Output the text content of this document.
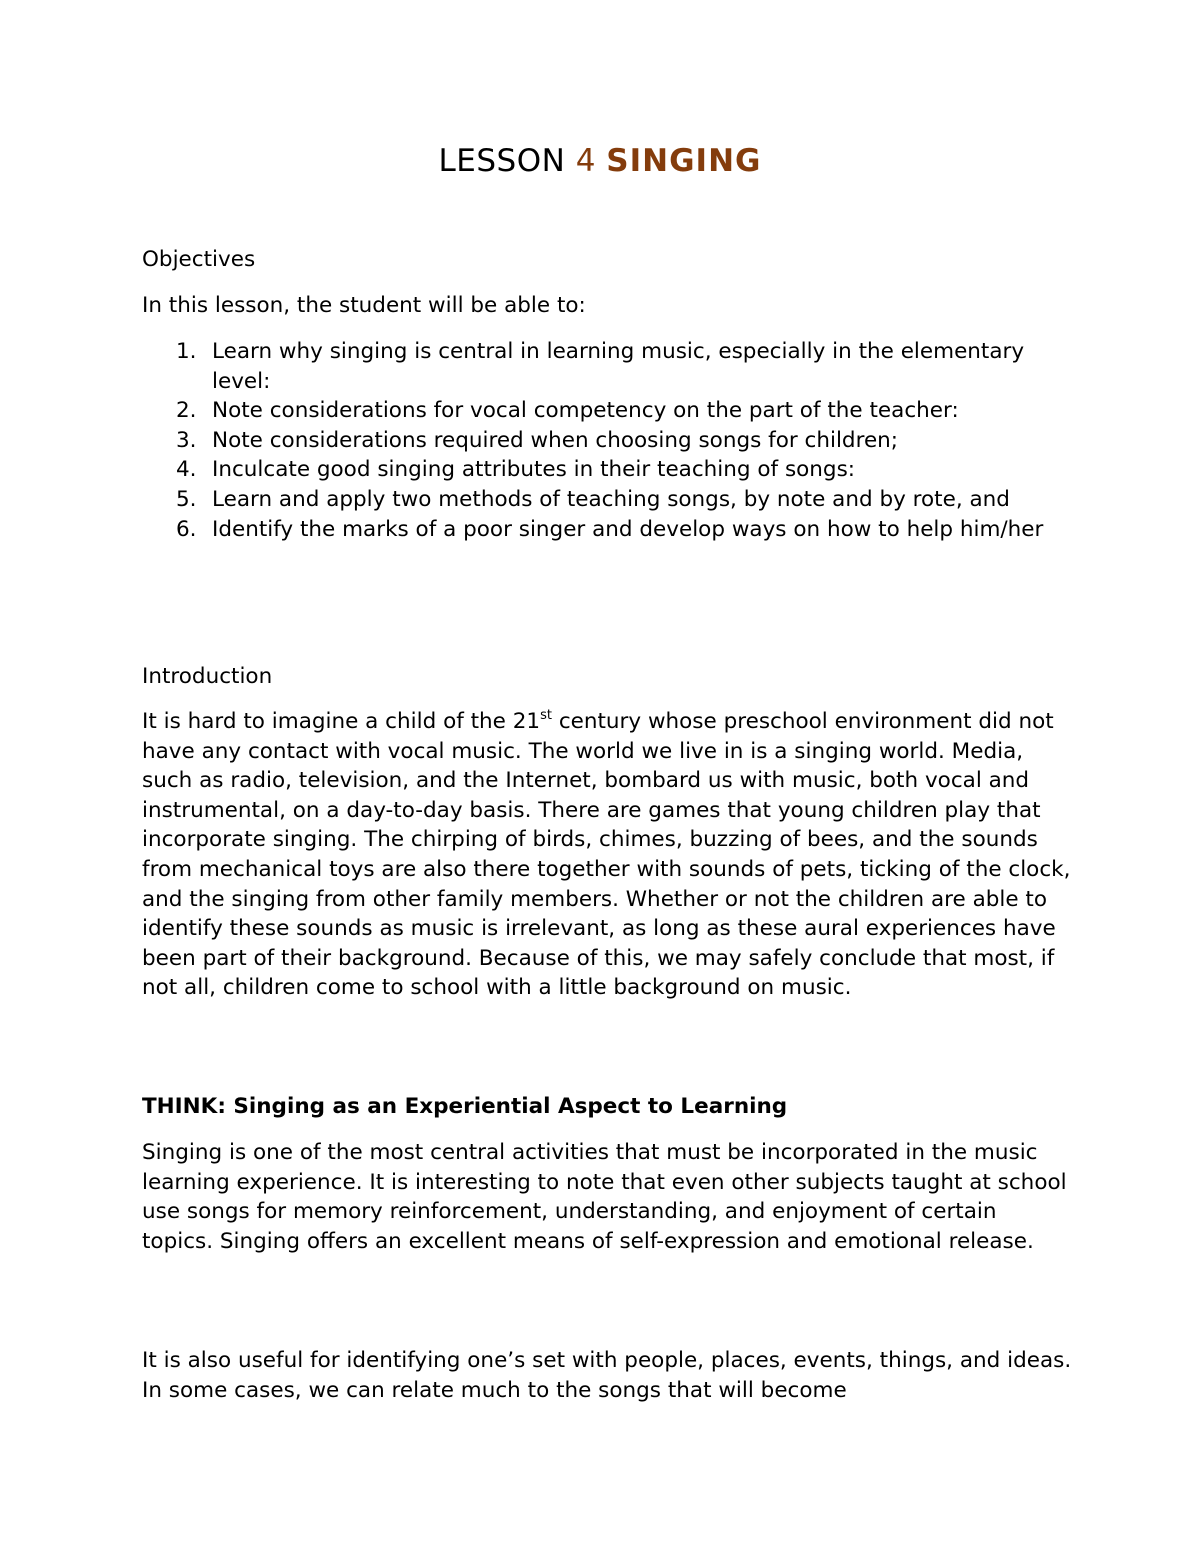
LESSON 4 SINGING
Objectives
In this lesson, the student will be able to:
1. Learn why singing is central in learning music, especially in the elementary level:
2. Note considerations for vocal competency on the part of the teacher:
3. Note considerations required when choosing songs for children;
4. Inculcate good singing attributes in their teaching of songs:
5. Learn and apply two methods of teaching songs, by note and by rote, and
6. Identify the marks of a poor singer and develop ways on how to help him/her
Introduction
It is hard to imagine a child of the 21st century whose preschool environment did not have any contact with vocal music. The world we live in is a singing world. Media, such as radio, television, and the Internet, bombard us with music, both vocal and instrumental, on a day-to-day basis. There are games that young children play that incorporate singing. The chirping of birds, chimes, buzzing of bees, and the sounds from mechanical toys are also there together with sounds of pets, ticking of the clock, and the singing from other family members. Whether or not the children are able to identify these sounds as music is irrelevant, as long as these aural experiences have been part of their background. Because of this, we may safely conclude that most, if not all, children come to school with a little background on music.
THINK: Singing as an Experiential Aspect to Learning

Singing is one of the most central activities that must be incorporated in the music learning experience. It is interesting to note that even other subjects taught at school use songs for memory reinforcement, understanding, and enjoyment of certain topics. Singing offers an excellent means of self-expression and emotional release.

It is also useful for identifying one’s set with people, places, events, things, and ideas. In some cases, we can relate much to the songs that will become
